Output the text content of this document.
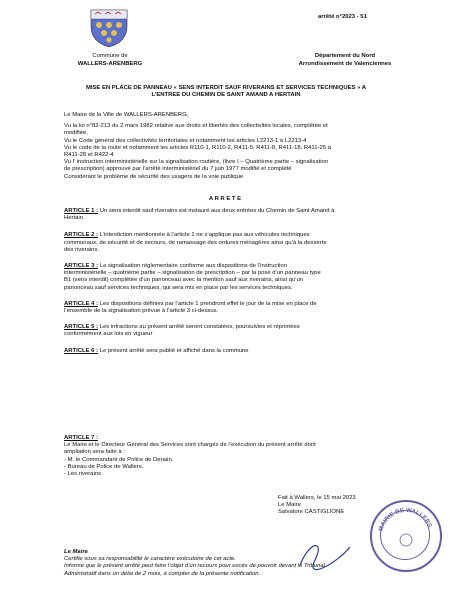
arrêté n°2023 - 51
Commune de
WALLERS-ARENBERG
Département du Nord
Arrondissement de Valenciennes
MISE EN PLACE DE PANNEAU « SENS INTERDIT SAUF RIVERAINS ET SERVICES TECHNIQUES » A
L’ENTREE DU CHEMIN DE SAINT AMAND A HERTAIN
Le Maire de la Ville de WALLERS-ARENBERG,
Vu la loi n°82-213 du 2 mars 1982 relative aux droits et libertés des collectivités locales, complétée et
modifiée,
Vu le Code général des collectivités territoriales et notamment les articles L2213-1 à L2213-4
Vu le code de la route et notamment les articles R110-1, R110-2, R411-5, R411-8, R411-18, R411-25 à
R411-28 et R422-4
Vu l’ instruction interministérielle sur la signalisation routière, (livre I – Quatrième partie – signalisation
de prescription) approuvé par l’arrêté interministériel du 7 juin 1977 modifié et complété
Considérant le problème de sécurité des usagers de la voie publique
A R R E T E
ARTICLE 1 : Un sens interdit sauf riverains est instauré aux deux entrées du Chemin de Saint Amand à
Hertain.
ARTICLE 2 : L’interdiction mentionnée à l’article 1 ne s’applique pas aux véhicules techniques
communaux, de sécurité et de secours, de ramassage des ordures ménagères ainsi qu’à la desserte
des riverains.
ARTICLE 3 : La signalisation réglementaire conforme aux dispositions de l’instruction
interministérielle – quatrième partie – signalisation de prescription – par la pose d’un panneau type
B1 (sens interdit) complétée d’un panonceau avec la mention sauf aux riverains, ainsi qu’un
panonceau sauf services techniques, qui sera mis en place par les services techniques.
ARTICLE 4 : Les dispositions définies par l’article 1 prendront effet le jour de la mise en place de
l’ensemble de la signalisation prévue à l’article 3 ci-dessus.
ARTICLE 5 : Les infractions au présent arrêté seront constatées, poursuivies et réprimées
conformément aux lois en vigueur
ARTICLE 6 : Le présent arrêté sera publié et affiché dans la commune
ARTICLE 7 :
Le Maire et le Directeur Général des Services sont chargés de l’exécution du présent arrêté dont
ampliation sera faite à :
- M. le Commandant de Police de Denain.
- Bureau de Police de Wallers,
- Les riverains
Fait à Wallers, le 15 mai 2023
Le Maire
Salvatore CASTIGLIONE
MAIRIE DE WALLERS
Le Maire
Certifie sous sa responsabilité le caractère exécutoire de cet acte.
Informe que le présent arrêté peut faire l’objet d’un recours pour excès de pouvoir devant le Tribunal
Administratif dans un délai de 2 mois, à compter de la présente notification.
